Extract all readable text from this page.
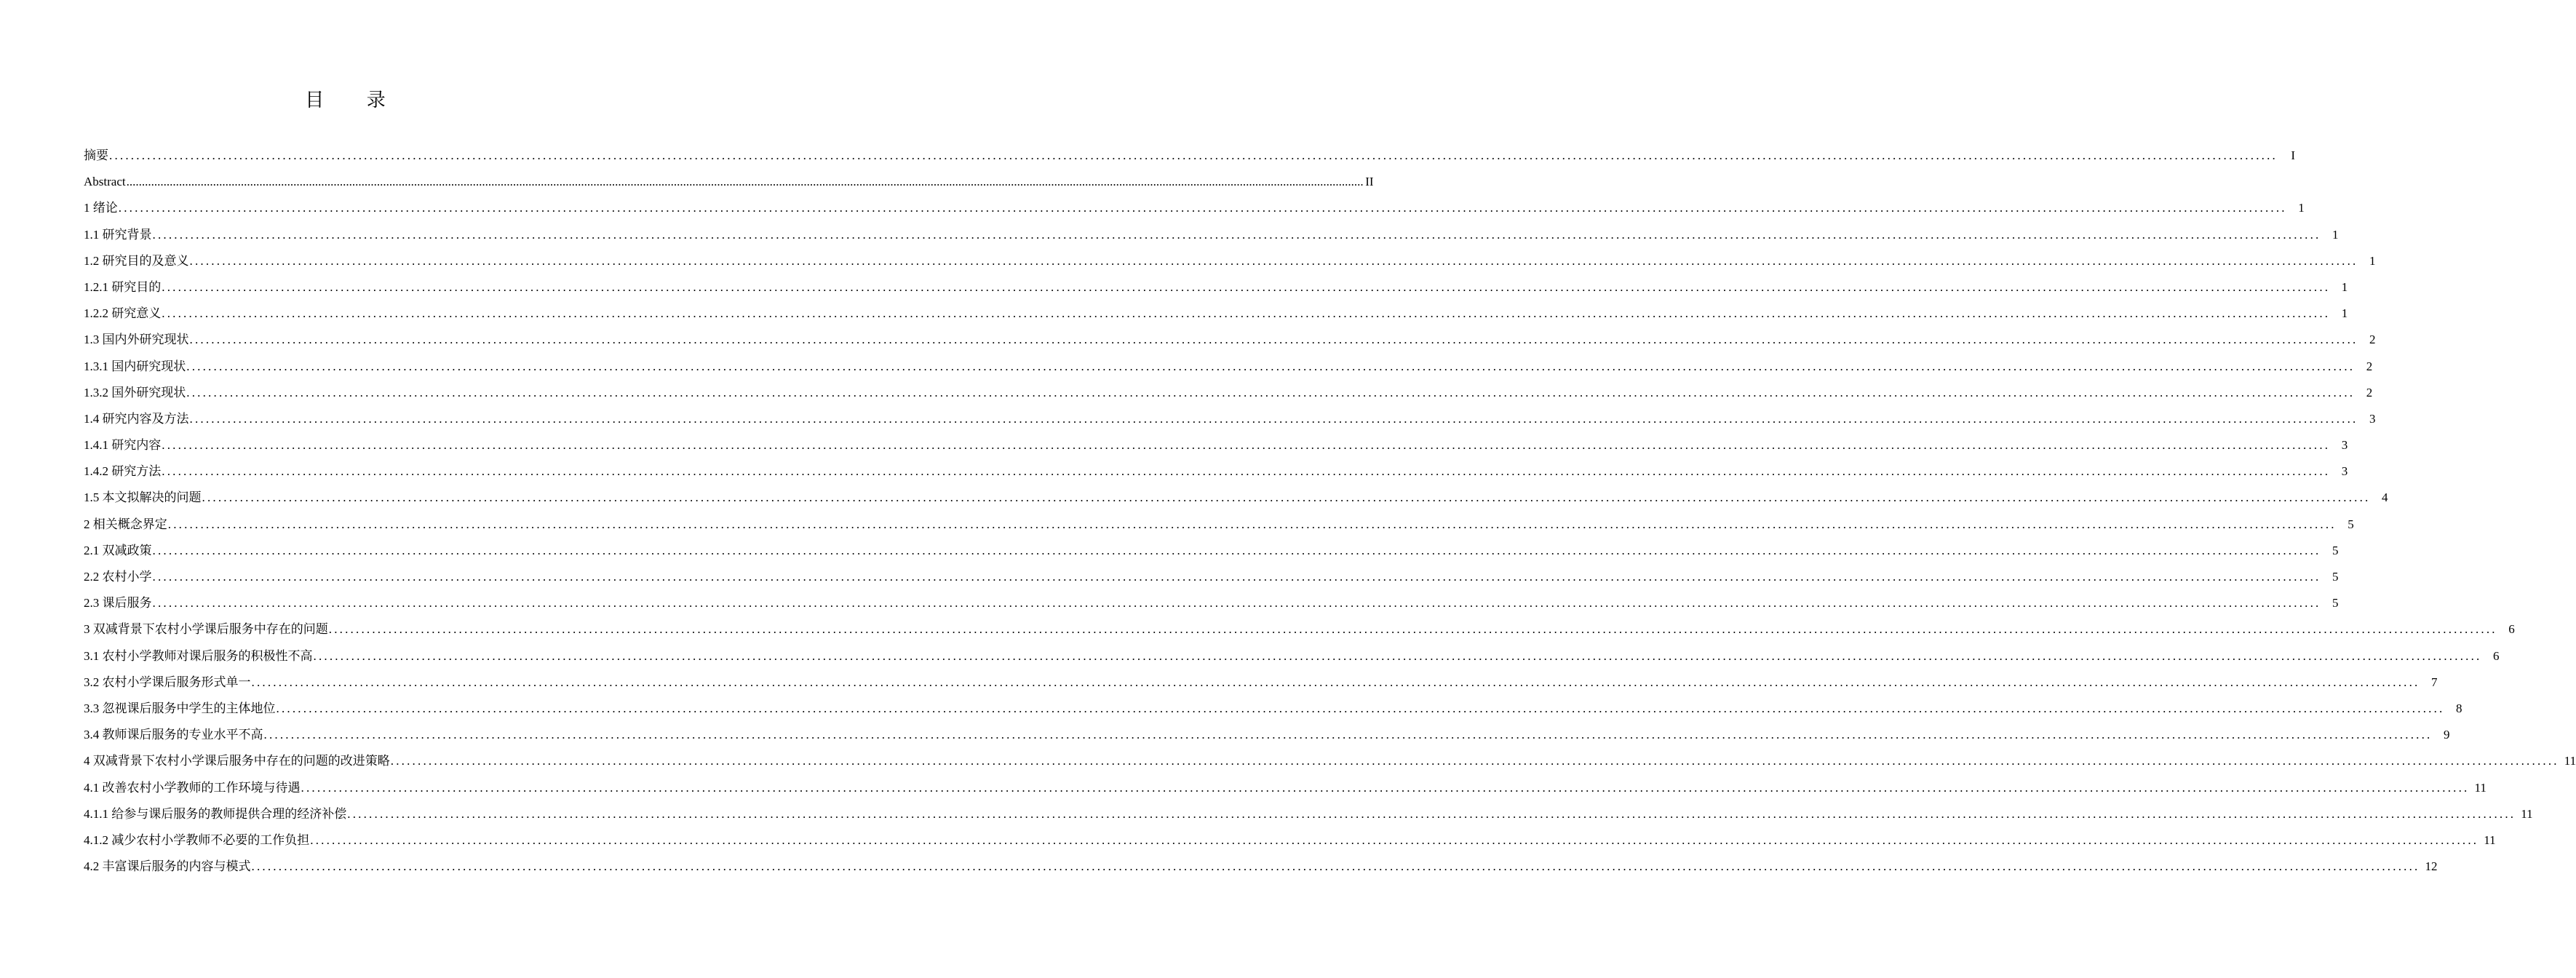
目 录
摘要 ................................................................................................................................................................................................................................................................................................................................................................................................................	I
Abstract ................................................................................................................................................................................................................................................................................................................................................................................................................ II
1 绪论 ................................................................................................................................................................................................................................................................................................................................................................................................................ 1
1.1 研究背景 ................................................................................................................................................................................................................................................................................................................................................................................................................ 1
1.2 研究目的及意义 ................................................................................................................................................................................................................................................................................................................................................................................................................ 1
1.2.1 研究目的 ................................................................................................................................................................................................................................................................................................................................................................................................................ 1
1.2.2 研究意义 ................................................................................................................................................................................................................................................................................................................................................................................................................ 1
1.3 国内外研究现状 ................................................................................................................................................................................................................................................................................................................................................................................................................ 2
1.3.1 国内研究现状 ................................................................................................................................................................................................................................................................................................................................................................................................................ 2
1.3.2 国外研究现状 ................................................................................................................................................................................................................................................................................................................................................................................................................ 2
1.4 研究内容及方法 ................................................................................................................................................................................................................................................................................................................................................................................................................ 3
1.4.1 研究内容 ................................................................................................................................................................................................................................................................................................................................................................................................................ 3
1.4.2 研究方法 ................................................................................................................................................................................................................................................................................................................................................................................................................ 3
1.5 本文拟解决的问题 ................................................................................................................................................................................................................................................................................................................................................................................................................ 4
2 相关概念界定 ................................................................................................................................................................................................................................................................................................................................................................................................................ 5
2.1 双减政策 ................................................................................................................................................................................................................................................................................................................................................................................................................ 5
2.2 农村小学 ................................................................................................................................................................................................................................................................................................................................................................................................................ 5
2.3 课后服务 ................................................................................................................................................................................................................................................................................................................................................................................................................ 5
3 双减背景下农村小学课后服务中存在的问题 ................................................................................................................................................................................................................................................................................................................................................................................................................ 6
3.1 农村小学教师对课后服务的积极性不高 ................................................................................................................................................................................................................................................................................................................................................................................................................ 6
3.2 农村小学课后服务形式单一 ................................................................................................................................................................................................................................................................................................................................................................................................................ 7
3.3 忽视课后服务中学生的主体地位 ................................................................................................................................................................................................................................................................................................................................................................................................................ 8
3.4 教师课后服务的专业水平不高 ................................................................................................................................................................................................................................................................................................................................................................................................................ 9
4 双减背景下农村小学课后服务中存在的问题的改进策略 ................................................................................................................................................................................................................................................................................................................................................................................................................ 11
4.1 改善农村小学教师的工作环境与待遇 ................................................................................................................................................................................................................................................................................................................................................................................................................ 11
4.1.1 给参与课后服务的教师提供合理的经济补偿 ................................................................................................................................................................................................................................................................................................................................................................................................................ 11
4.1.2 减少农村小学教师不必要的工作负担 ................................................................................................................................................................................................................................................................................................................................................................................................................ 11
4.2 丰富课后服务的内容与模式 ................................................................................................................................................................................................................................................................................................................................................................................................................ 12
